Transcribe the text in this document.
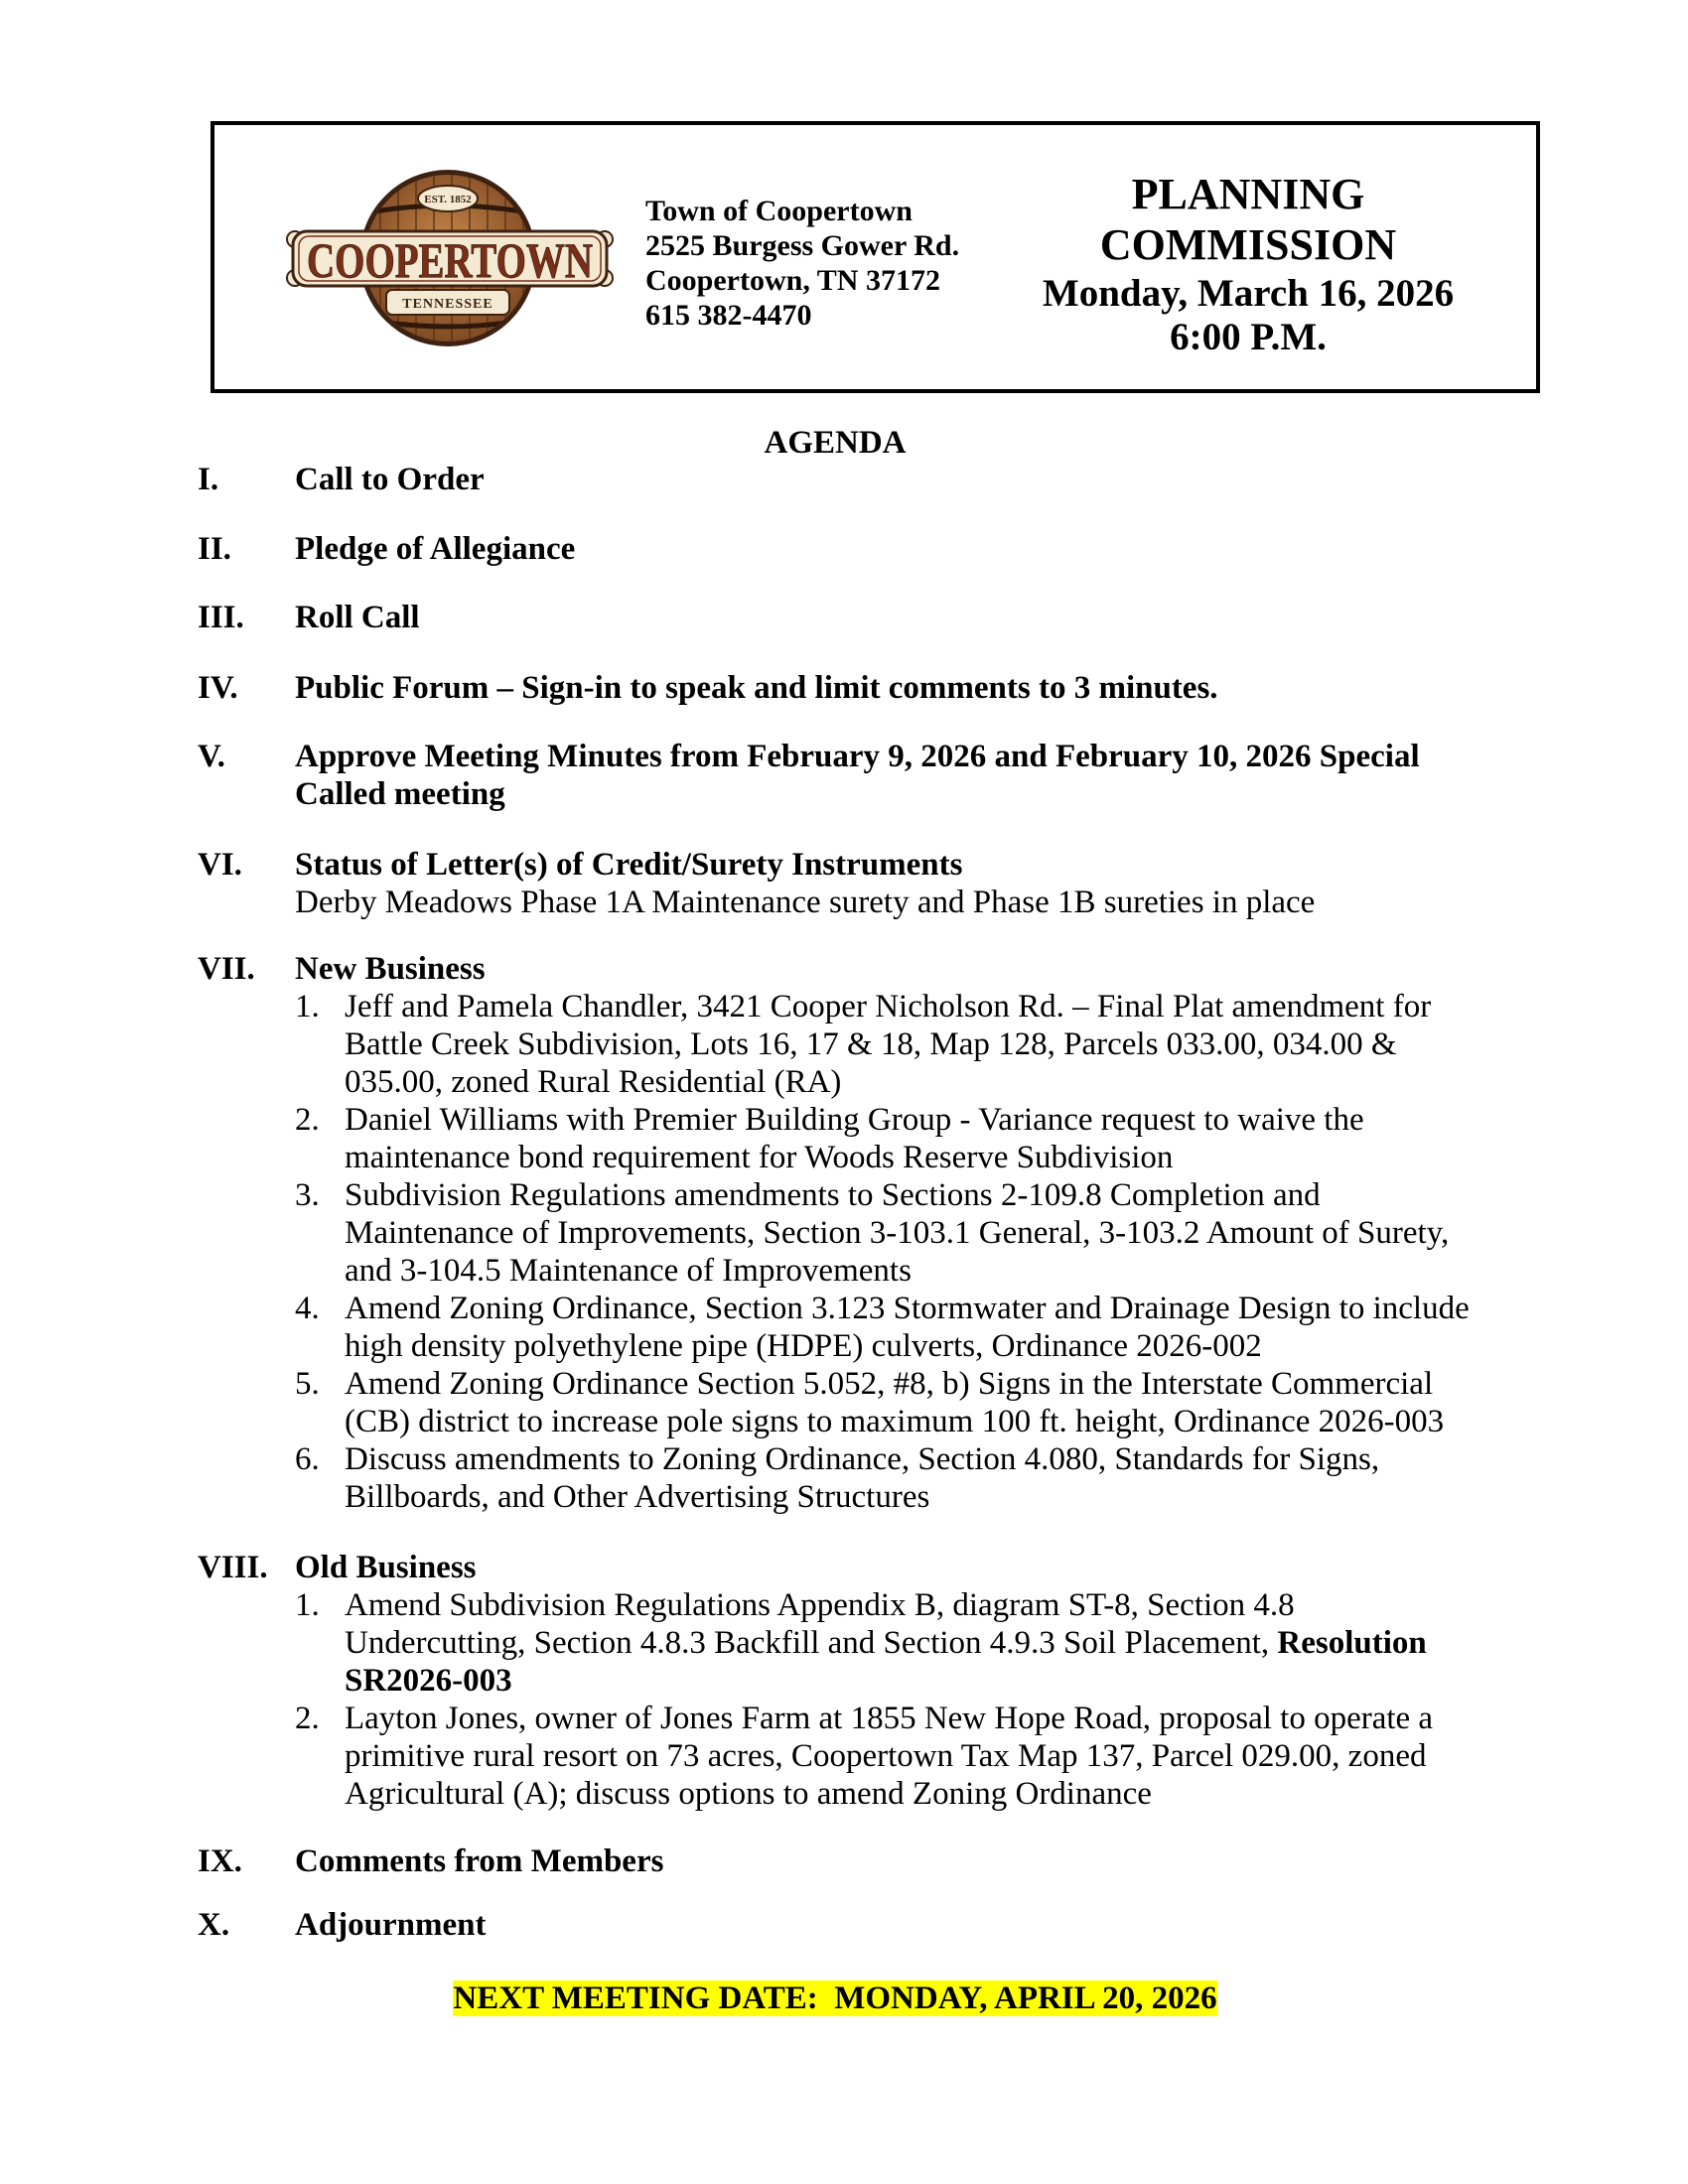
TENNESSEE
COOPERTOWN
EST. 1852	Town of Coopertown
2525 Burgess Gower Rd.
Coopertown, TN 37172
615 382-4470
PLANNING
COMMISSION
Monday, March 16, 2026
6:00 P.M.
AGENDA
I. Call to Order
II. Pledge of Allegiance
III. Roll Call
IV. Public Forum – Sign-in to speak and limit comments to 3 minutes.
V. Approve Meeting Minutes from February 9, 2026 and February 10, 2026 Special
Called meeting
VI. Status of Letter(s) of Credit/Surety Instruments
Derby Meadows Phase 1A Maintenance surety and Phase 1B sureties in place
VII. New Business
1. Jeff and Pamela Chandler, 3421 Cooper Nicholson Rd. – Final Plat amendment for
Battle Creek Subdivision, Lots 16, 17 & 18, Map 128, Parcels 033.00, 034.00 &
035.00, zoned Rural Residential (RA)
2. Daniel Williams with Premier Building Group - Variance request to waive the
maintenance bond requirement for Woods Reserve Subdivision
3. Subdivision Regulations amendments to Sections 2-109.8 Completion and
Maintenance of Improvements, Section 3-103.1 General, 3-103.2 Amount of Surety,
and 3-104.5 Maintenance of Improvements
4. Amend Zoning Ordinance, Section 3.123 Stormwater and Drainage Design to include
high density polyethylene pipe (HDPE) culverts, Ordinance 2026-002
5. Amend Zoning Ordinance Section 5.052, #8, b) Signs in the Interstate Commercial
(CB) district to increase pole signs to maximum 100 ft. height, Ordinance 2026-003
6. Discuss amendments to Zoning Ordinance, Section 4.080, Standards for Signs,
Billboards, and Other Advertising Structures
VIII. Old Business
1. Amend Subdivision Regulations Appendix B, diagram ST-8, Section 4.8
Undercutting, Section 4.8.3 Backfill and Section 4.9.3 Soil Placement, Resolution
SR2026-003
2. Layton Jones, owner of Jones Farm at 1855 New Hope Road, proposal to operate a
primitive rural resort on 73 acres, Coopertown Tax Map 137, Parcel 029.00, zoned
Agricultural (A); discuss options to amend Zoning Ordinance
IX. Comments from Members
X. Adjournment
NEXT MEETING DATE:  MONDAY, APRIL 20, 2026
